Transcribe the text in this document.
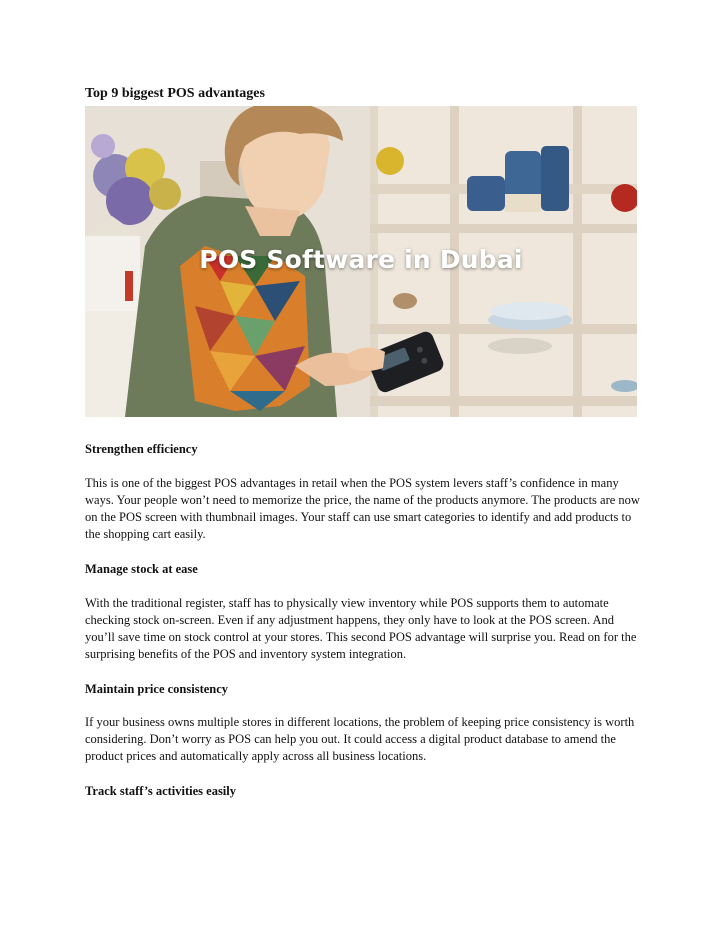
Top 9 biggest POS advantages
POS Software in Dubai
Strengthen efficiency

This is one of the biggest POS advantages in retail when the POS system levers staff’s confidence in many ways. Your people won’t need to memorize the price, the name of the products anymore. The products are now on the POS screen with thumbnail images. Your staff can use smart categories to identify and add products to the shopping cart easily.

Manage stock at ease

With the traditional register, staff has to physically view inventory while POS supports them to automate checking stock on-screen. Even if any adjustment happens, they only have to look at the POS screen. And you’ll save time on stock control at your stores. This second POS advantage will surprise you. Read on for the surprising benefits of the POS and inventory system integration.

Maintain price consistency

If your business owns multiple stores in different locations, the problem of keeping price consistency is worth considering. Don’t worry as POS can help you out. It could access a digital product database to amend the product prices and automatically apply across all business locations.

Track staff’s activities easily
